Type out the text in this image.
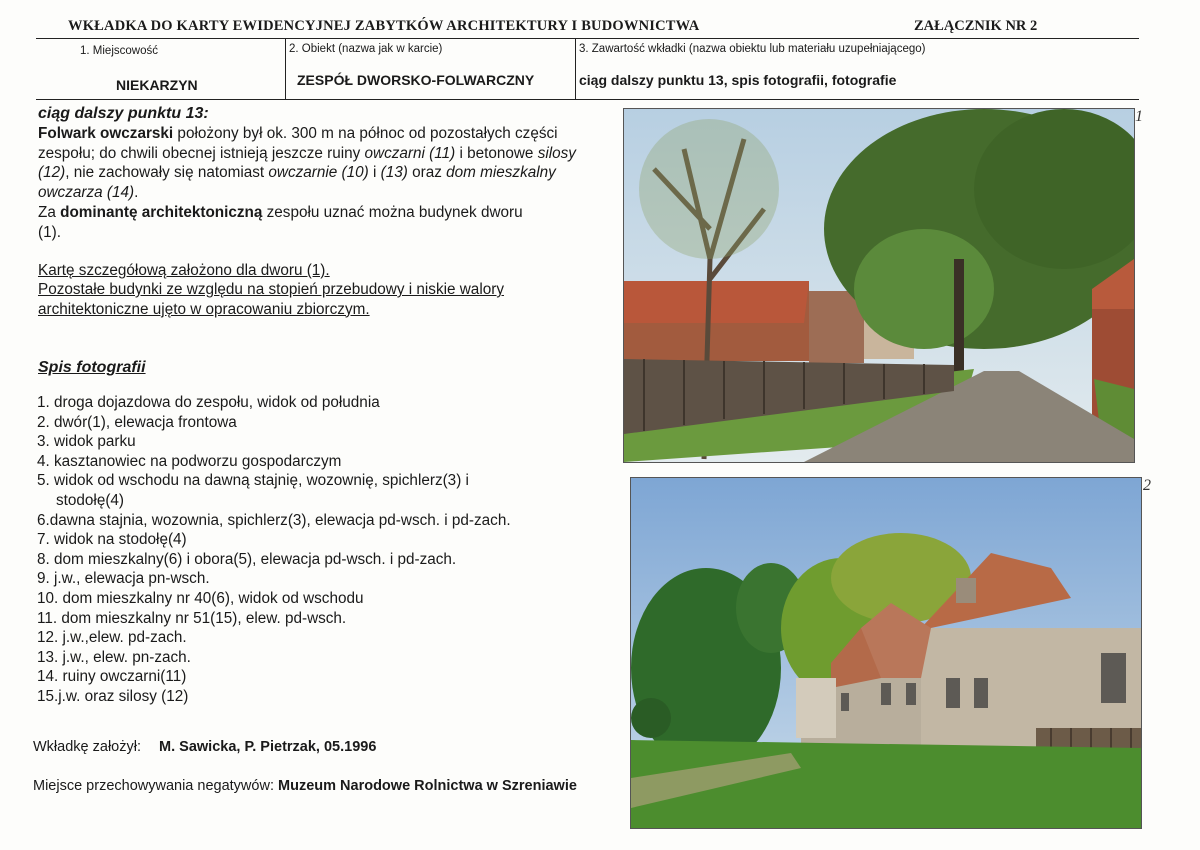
WKŁADKA DO KARTY EWIDENCYJNEJ ZABYTKÓW ARCHITEKTURY I BUDOWNICTWA	ZAŁĄCZNIK NR 2
1. Miejscowość
NIEKARZYN
2. Obiekt (nazwa jak w karcie)
ZESPÓŁ DWORSKO-FOLWARCZNY
3. Zawartość wkładki (nazwa obiektu lub materiału uzupełniającego)
ciąg dalszy punktu 13, spis fotografii, fotografie
ciąg dalszy punktu 13:
Folwark owczarski położony był ok. 300 m na północ od pozostałych części zespołu; do chwili obecnej istnieją jeszcze ruiny owczarni (11) i betonowe silosy (12), nie zachowały się natomiast owczarnie (10) i (13) oraz dom mieszkalny owczarza (14).
Za dominantę architektoniczną zespołu uznać można budynek dworu (1).
Kartę szczegółową założono dla dworu (1).
Pozostałe budynki ze względu na stopień przebudowy i niskie walory architektoniczne ujęto w opracowaniu zbiorczym.
Spis fotografii
1. droga dojazdowa do zespołu, widok od południa
2. dwór(1), elewacja frontowa
3. widok parku
4. kasztanowiec na podworzu gospodarczym
5. widok od wschodu na dawną stajnię, wozownię, spichlerz(3) i
stodołę(4)
6.dawna stajnia, wozownia, spichlerz(3), elewacja pd-wsch. i pd-zach.
7. widok na stodołę(4)
8. dom mieszkalny(6) i obora(5), elewacja pd-wsch. i pd-zach.
9. j.w., elewacja pn-wsch.
10. dom mieszkalny nr 40(6), widok od wschodu
11. dom mieszkalny nr 51(15), elew. pd-wsch.
12. j.w.,elew. pd-zach.
13. j.w., elew. pn-zach.
14. ruiny owczarni(11)
15.j.w. oraz silosy (12)
Wkładkę założył: M. Sawicka, P. Pietrzak, 05.1996
Miejsce przechowywania negatywów: Muzeum Narodowe Rolnictwa w Szreniawie
1
2
